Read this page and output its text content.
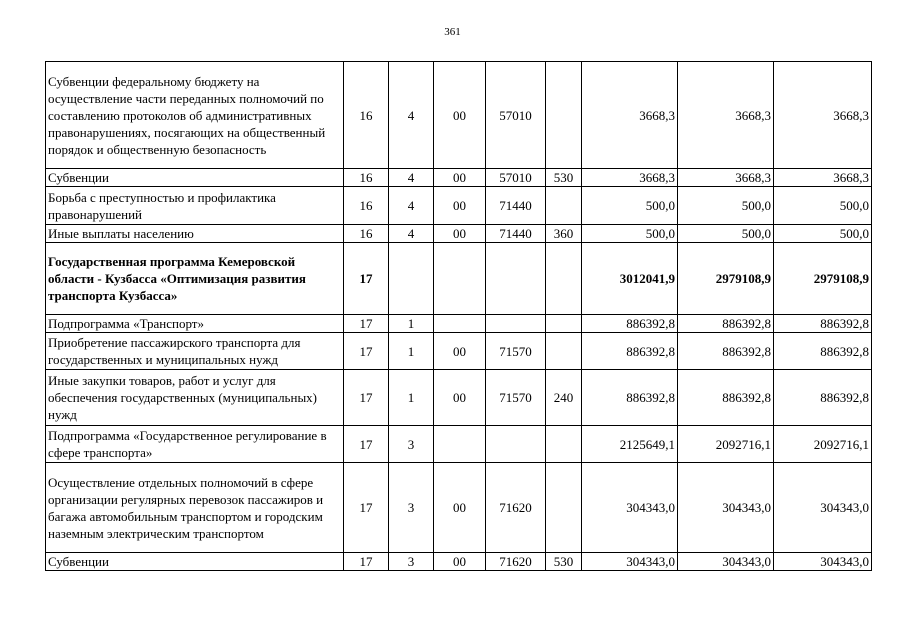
361
Субвенции федеральному бюджету на осуществление части переданных полномочий по составлению протоколов об административных правонарушениях, посягающих на общественный порядок и общественную безопасность	16	4	00	57010		3668,3	3668,3	3668,3
Субвенции	16	4	00	57010	530	3668,3	3668,3	3668,3
Борьба с преступностью и профилактика правонарушений	16	4	00	71440		500,0	500,0	500,0
Иные выплаты населению	16	4	00	71440	360	500,0	500,0	500,0
Государственная программа Кемеровской области - Кузбасса «Оптимизация развития транспорта Кузбасса»	17					3012041,9	2979108,9	2979108,9
Подпрограмма «Транспорт»	17	1				886392,8	886392,8	886392,8
Приобретение пассажирского транспорта для государственных и муниципальных нужд	17	1	00	71570		886392,8	886392,8	886392,8
Иные закупки товаров, работ и услуг для обеспечения государственных (муниципальных) нужд	17	1	00	71570	240	886392,8	886392,8	886392,8
Подпрограмма «Государственное регулирование в сфере транспорта»	17	3				2125649,1	2092716,1	2092716,1
Осуществление отдельных полномочий в сфере организации регулярных перевозок пассажиров и багажа автомобильным транспортом и городским наземным электрическим транспортом	17	3	00	71620		304343,0	304343,0	304343,0
Субвенции	17	3	00	71620	530	304343,0	304343,0	304343,0
